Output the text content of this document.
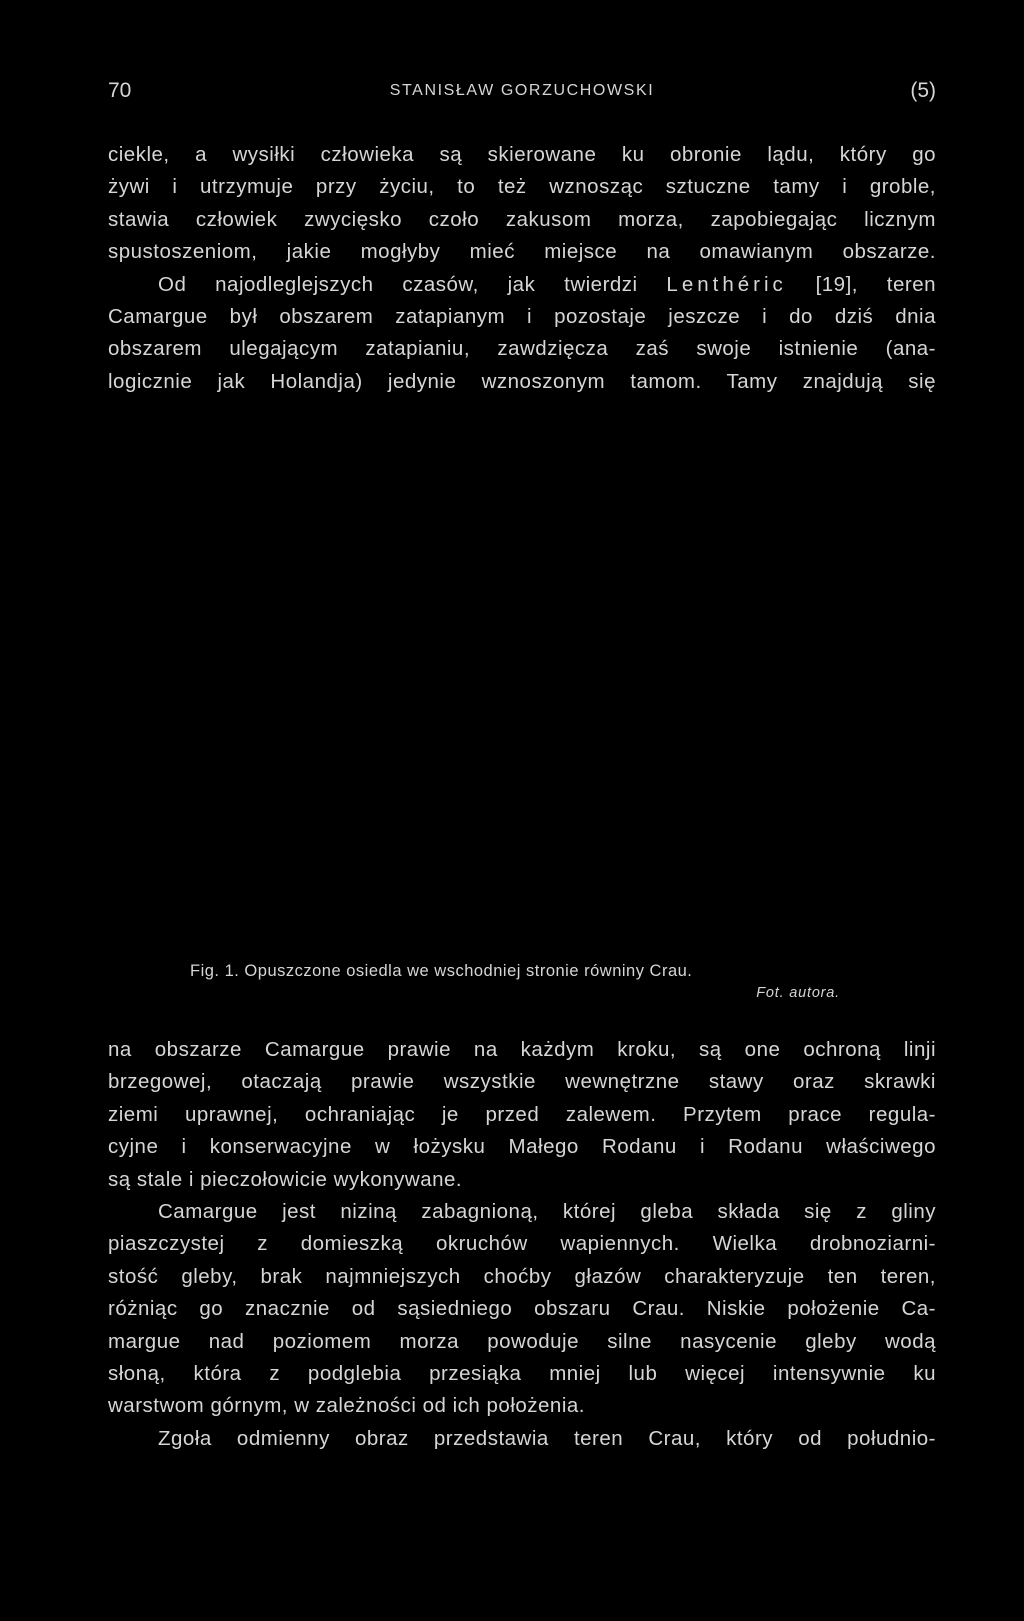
70	STANISŁAW GORZUCHOWSKI	(5)
ciekle, a wysiłki człowieka są skierowane ku obronie lądu, który go
żywi i utrzymuje przy życiu, to też wznosząc sztuczne tamy i groble,
stawia człowiek zwycięsko czoło zakusom morza, zapobiegając licznym
spustoszeniom, jakie mogłyby mieć miejsce na omawianym obszarze.
Od najodleglejszych czasów, jak twierdzi Lenthéric [19], teren
Camargue był obszarem zatapianym i pozostaje jeszcze i do dziś dnia
obszarem ulegającym zatapianiu, zawdzięcza zaś swoje istnienie (ana-
logicznie jak Holandja) jedynie wznoszonym tamom. Tamy znajdują się
Fig. 1. Opuszczone osiedla we wschodniej stronie równiny Crau.
Fot. autora.
na obszarze Camargue prawie na każdym kroku, są one ochroną linji
brzegowej, otaczają prawie wszystkie wewnętrzne stawy oraz skrawki
ziemi uprawnej, ochraniając je przed zalewem. Przytem prace regula-
cyjne i konserwacyjne w łożysku Małego Rodanu i Rodanu właściwego
są stale i pieczołowicie wykonywane.
Camargue jest niziną zabagnioną, której gleba składa się z gliny
piaszczystej z domieszką okruchów wapiennych. Wielka drobnoziarni-
stość gleby, brak najmniejszych choćby głazów charakteryzuje ten teren,
różniąc go znacznie od sąsiedniego obszaru Crau. Niskie położenie Ca-
margue nad poziomem morza powoduje silne nasycenie gleby wodą
słoną, która z podglebia przesiąka mniej lub więcej intensywnie ku
warstwom górnym, w zależności od ich położenia.
Zgoła odmienny obraz przedstawia teren Crau, który od południo-
